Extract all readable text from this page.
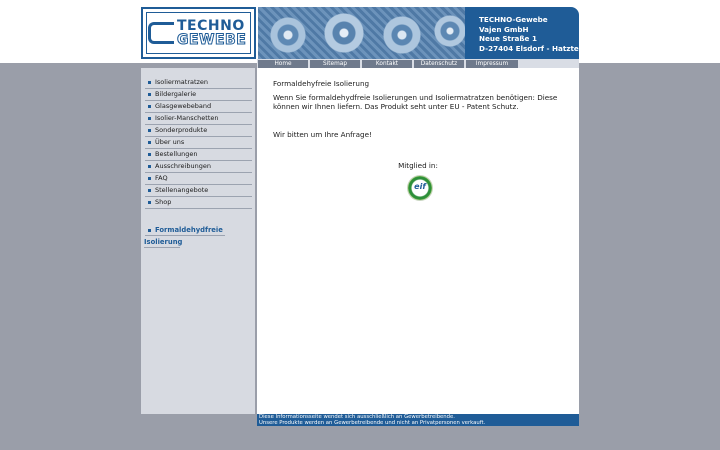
TECHNO
GEWEBE
TECHNO-Gewebe
Vajen GmbH
Neue Straße 1
D-27404 Elsdorf - Hatzte
Home	Sitemap	Kontakt	Datenschutz	Impressum
Isoliermatratzen
Bildergalerie
Glasgewebeband
Isolier-Manschetten
Sonderprodukte
Über uns
Bestellungen
Ausschreibungen
FAQ
Stellenangebote
Shop
Formaldehydfreie
Isolierung
Formaldehyfreie Isolierung
Wenn Sie formaldehydfreie Isolierungen und Isoliermatratzen benötigen: Diese können wir Ihnen liefern. Das Produkt seht unter EU - Patent Schutz.
Wir bitten um Ihre Anfrage!
Mitglied in:
eif
Diese Informationsseite wendet sich ausschließlich an Gewerbetreibende.
Unsere Produkte werden an Gewerbetreibende und nicht an Privatpersonen verkauft.
